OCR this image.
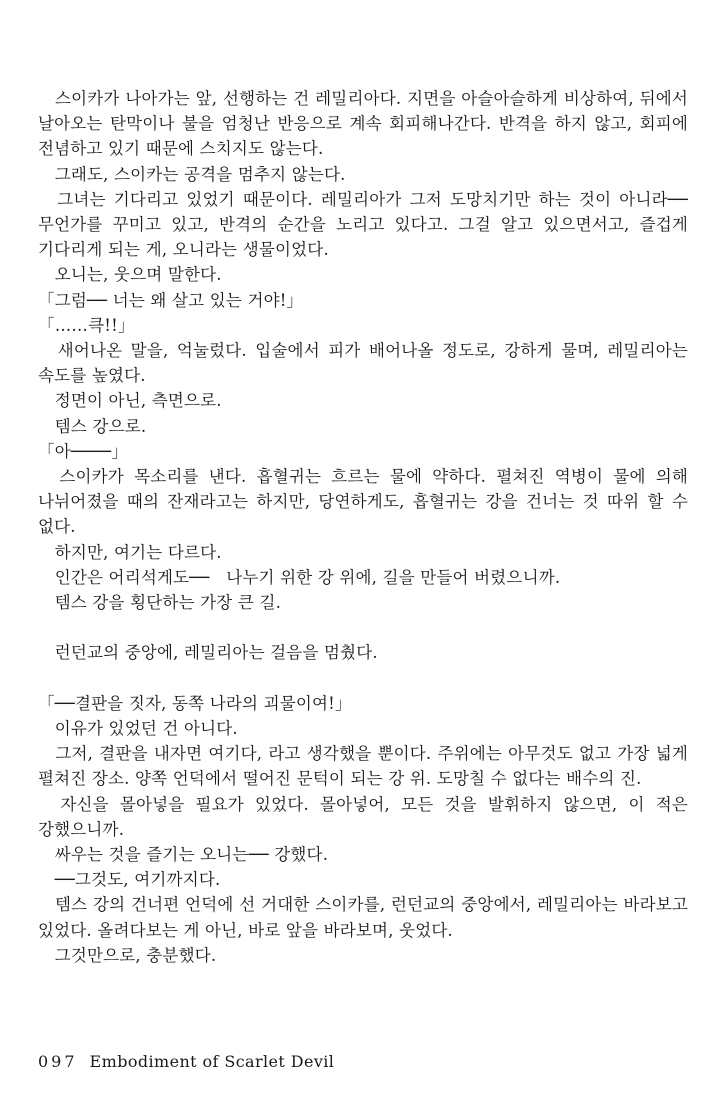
　스이카가 나아가는 앞, 선행하는 건 레밀리아다. 지면을 아슬아슬하게 비상하여, 뒤에서 날아오는 탄막이나 불을 엄청난 반응으로 계속 회피해나간다. 반격을 하지 않고, 회피에 전념하고 있기 때문에 스치지도 않는다.

　그래도, 스이카는 공격을 멈추지 않는다.

　그녀는 기다리고 있었기 때문이다. 레밀리아가 그저 도망치기만 하는 것이 아니라── 무언가를 꾸미고 있고, 반격의 순간을 노리고 있다고. 그걸 알고 있으면서고, 즐겁게 기다리게 되는 게, 오니라는 생물이었다.

　오니는, 웃으며 말한다.

「그럼── 너는 왜 살고 있는 거야!」

「……큭!!」

　새어나온 말을, 억눌렀다. 입술에서 피가 배어나올 정도로, 강하게 물며, 레밀리아는 속도를 높였다.

　정면이 아닌, 측면으로.

　템스 강으로.

「아────」

　스이카가 목소리를 낸다. 흡혈귀는 흐르는 물에 약하다. 펼쳐진 역병이 물에 의해 나뉘어졌을 때의 잔재라고는 하지만, 당연하게도, 흡혈귀는 강을 건너는 것 따위 할 수 없다.

　하지만, 여기는 다르다.

　인간은 어리석게도──　나누기 위한 강 위에, 길을 만들어 버렸으니까.

　템스 강을 횡단하는 가장 큰 길.

　런던교의 중앙에, 레밀리아는 걸음을 멈췄다.

「──결판을 짓자, 동쪽 나라의 괴물이여!」

　이유가 있었던 건 아니다.

　그저, 결판을 내자면 여기다, 라고 생각했을 뿐이다. 주위에는 아무것도 없고 가장 넓게 펼쳐진 장소. 양쪽 언덕에서 떨어진 문턱이 되는 강 위. 도망칠 수 없다는 배수의 진.

　자신을 몰아넣을 필요가 있었다. 몰아넣어, 모든 것을 발휘하지 않으면, 이 적은 강했으니까.

　싸우는 것을 즐기는 오니는── 강했다.

　──그것도, 여기까지다.

　템스 강의 건너편 언덕에 선 거대한 스이카를, 런던교의 중앙에서, 레밀리아는 바라보고 있었다. 올려다보는 게 아닌, 바로 앞을 바라보며, 웃었다.

　그것만으로, 충분했다.

097 Embodiment of Scarlet Devil
